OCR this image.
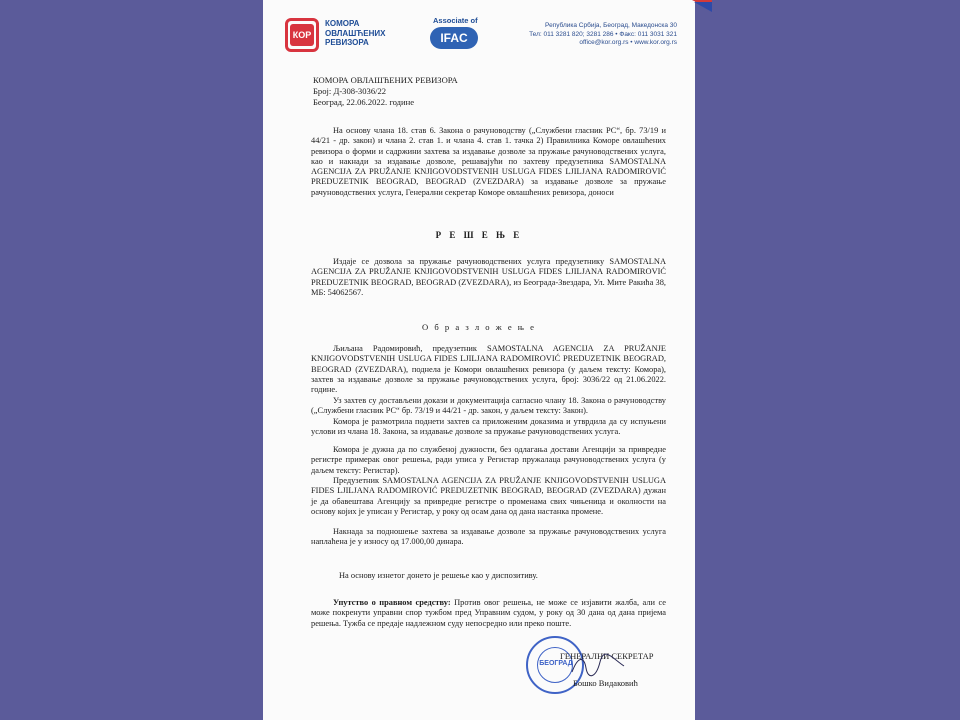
КОР
КОМОРА
ОВЛАШЋЕНИХ
РЕВИЗОРА
Associate of
IFAC
Република Србија, Београд, Македонска 30
Тел: 011 3281 820; 3281 286 • Факс: 011 3031 321
office@kor.org.rs • www.kor.org.rs
КОМОРА ОВЛАШЋЕНИХ РЕВИЗОРА
Број: Д-308-3036/22
Београд, 22.06.2022. године
На основу члана 18. став 6. Закона о рачуноводству („Службени гласник РС“, бр. 73/19 и 44/21 - др. закон) и члана 2. став 1. и члана 4. став 1. тачка 2) Правилника Коморе овлашћених ревизора о форми и садржини захтева за издавање дозволе за пружање рачуноводствених услуга, као и накнади за издавање дозволе, решавајући по захтеву предузетника SAMOSTALNA AGENCIJA ZA PRUŽANJE KNJIGOVODSTVENIH USLUGA FIDES LJILJANA RADOMIROVIĆ PREDUZETNIK BEOGRAD, BEOGRAD (ZVEZDARA) за издавање дозволе за пружање рачуноводствених услуга, Генерални секретар Коморе овлашћених ревизора, доноси
Р Е Ш Е Њ Е
Издаје се дозвола за пружање рачуноводствених услуга предузетнику SAMOSTALNA AGENCIJA ZA PRUŽANJE KNJIGOVODSTVENIH USLUGA FIDES LJILJANA RADOMIROVIĆ PREDUZETNIK BEOGRAD, BEOGRAD (ZVEZDARA), из Београда-Звездара, Ул. Мите Ракића 38, МБ: 54062567.
О б р а з л о ж е њ е
Љиљана Радомировић, предузетник SAMOSTALNA AGENCIJA ZA PRUŽANJE KNJIGOVODSTVENIH USLUGA FIDES LJILJANA RADOMIROVIĆ PREDUZETNIK BEOGRAD, BEOGRAD (ZVEZDARA), поднела је Комори овлашћених ревизора (у даљем тексту: Комора), захтев за издавање дозволе за пружање рачуноводствених услуга, број: 3036/22 од 21.06.2022. године.
Уз захтев су достављени докази и документација сагласно члану 18. Закона о рачуноводству („Службени гласник РС“ бр. 73/19 и 44/21 - др. закон, у даљем тексту: Закон).
Комора је размотрила поднети захтев са приложеним доказима и утврдила да су испуњени услови из члана 18. Закона, за издавање дозволе за пружање рачуноводствених услуга.
Комора је дужна да по службеној дужности, без одлагања достави Агенцији за привредне регистре примерак овог решења, ради уписа у Регистар пружалаца рачуноводствених услуга (у даљем тексту: Регистар).
Предузетник SAMOSTALNA AGENCIJA ZA PRUŽANJE KNJIGOVODSTVENIH USLUGA FIDES LJILJANA RADOMIROVIĆ PREDUZETNIK BEOGRAD, BEOGRAD (ZVEZDARA) дужан је да обавештава Агенцију за привредне регистре о променама свих чињеница и околности на основу којих је уписан у Регистар, у року од осам дана од дана настанка промене.
Накнада за подношење захтева за издавање дозволе за пружање рачуноводствених услуга наплаћена је у износу од 17.000,00 динара.
На основу изнетог донето је решење као у диспозитиву.
Упутство о правном средству: Против овог решења, не може се изјавити жалба, али се може покренути управни спор тужбом пред Управним судом, у року од 30 дана од дана пријема решења. Тужба се предаје надлежном суду непосредно или преко поште.
БЕОГРАД
ГЕНЕРАЛНИ СЕКРЕТАР
Бошко Видаковић
